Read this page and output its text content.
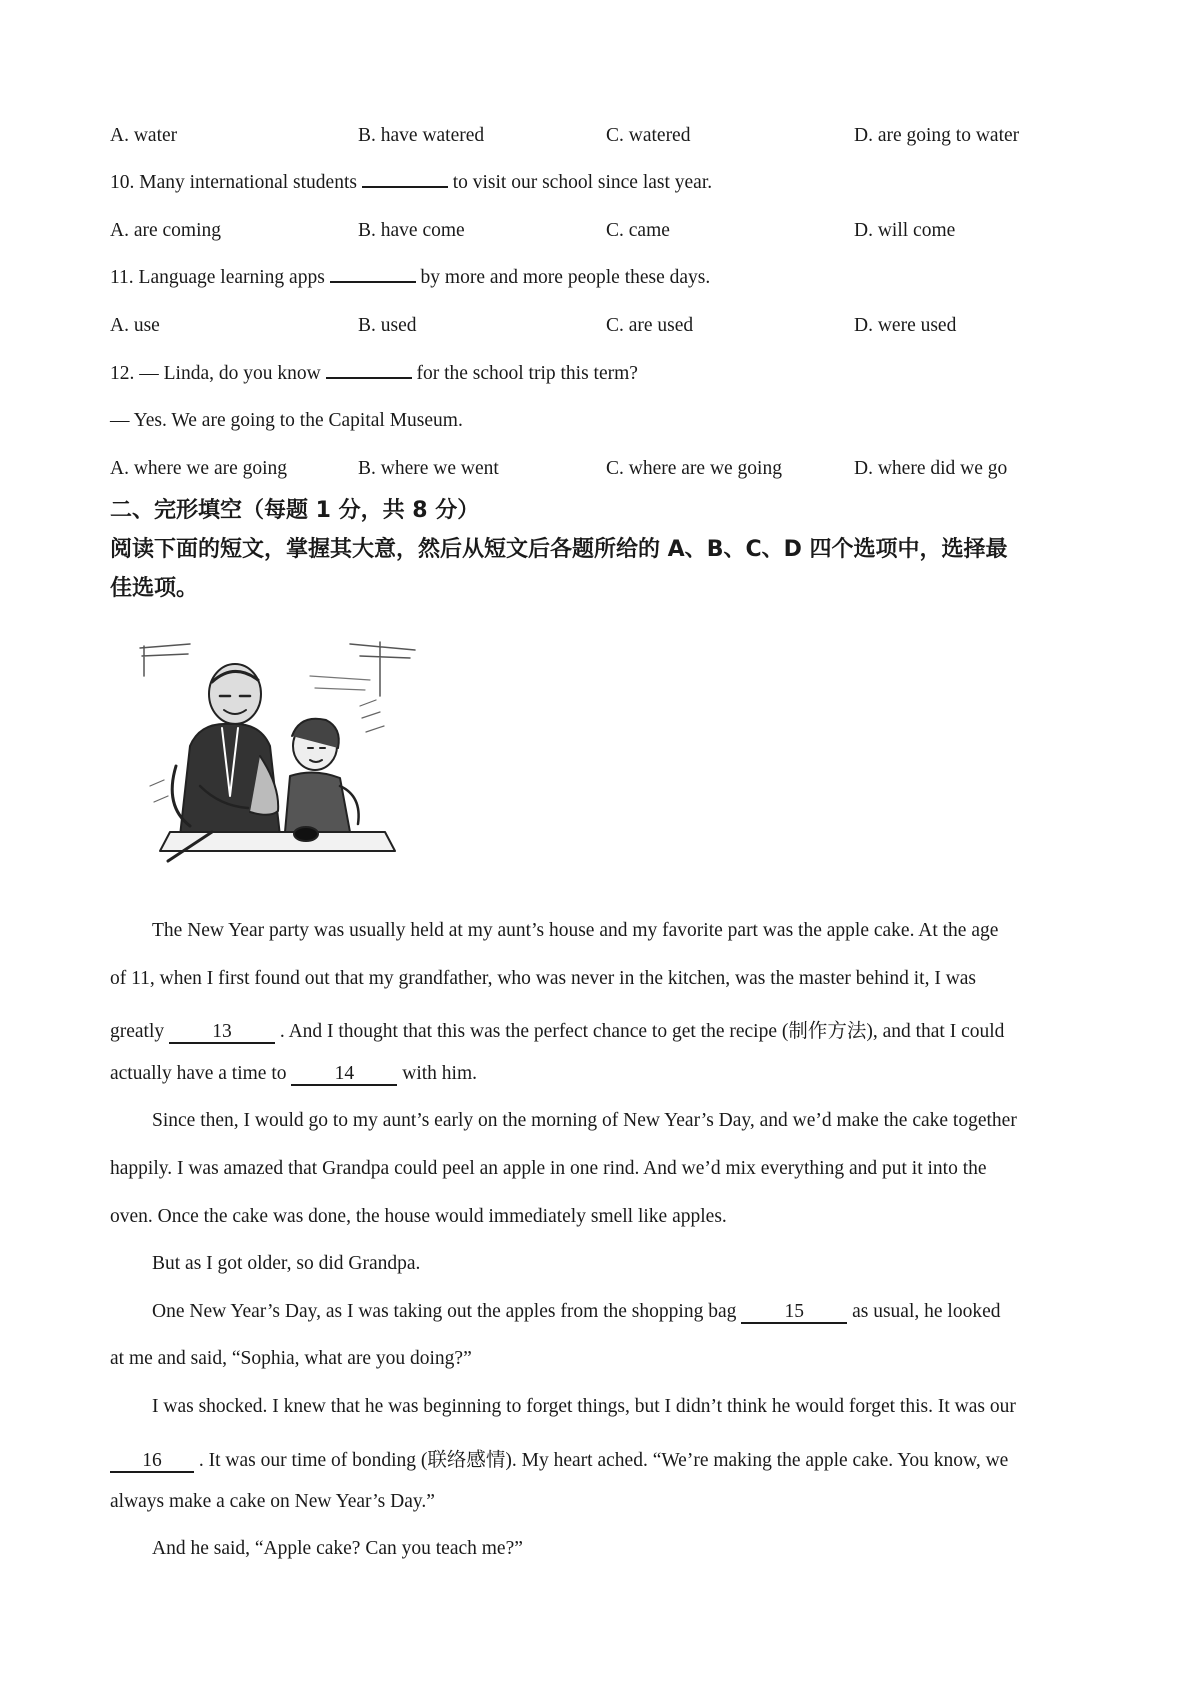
A. water	B. have watered	C. watered	D. are going to water
10. Many international students	to visit our school since last year.
A. are coming	B. have come	C. came	D. will come
11. Language learning apps	by more and more people these days.
A. use	B. used	C. are used	D. were used
12. — Linda, do you know	for the school trip this term?
— Yes. We are going to the Capital Museum.
A. where we are going	B. where we went	C. where are we going	D. where did we go
二、完形填空（每题 1 分，共 8 分）
阅读下面的短文，掌握其大意，然后从短文后各题所给的 A、B、C、D 四个选项中，选择最
佳选项。
The New Year party was usually held at my aunt’s house and my favorite part was the apple cake. At the age
of 11, when I first found out that my grandfather, who was never in the kitchen, was the master behind it, I was
greatly 13 . And I thought that this was the perfect chance to get the recipe (制作方法), and that I could
actually have a time to 14 with him.
Since then, I would go to my aunt’s early on the morning of New Year’s Day, and we’d make the cake together
happily. I was amazed that Grandpa could peel an apple in one rind. And we’d mix everything and put it into the
oven. Once the cake was done, the house would immediately smell like apples.
But as I got older, so did Grandpa.
One New Year’s Day, as I was taking out the apples from the shopping bag 15 as usual, he looked
at me and said, “Sophia, what are you doing?”
I was shocked. I knew that he was beginning to forget things, but I didn’t think he would forget this. It was our
16 . It was our time of bonding (联络感情). My heart ached. “We’re making the apple cake. You know, we
always make a cake on New Year’s Day.”
And he said, “Apple cake? Can you teach me?”
